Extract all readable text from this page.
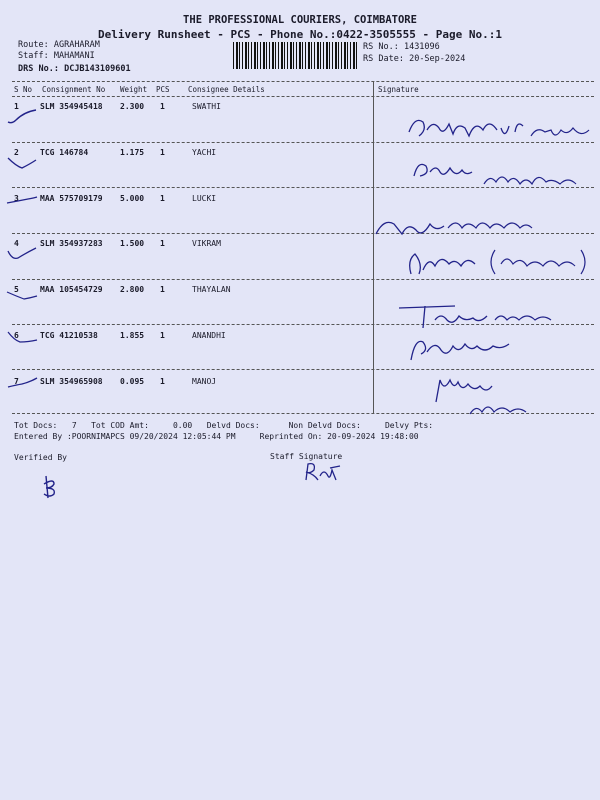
THE PROFESSIONAL COURIERS, COIMBATORE
Delivery Runsheet - PCS - Phone No.:0422-3505555 - Page No.:1
Route: AGRAHARAM
Staff: MAHAMANI
DRS No.: DCJB143109601
RS No.: 1431096
RS Date: 20-Sep-2024
S No Consignment No Weight PCS Consignee Details	Signature
1	SLM 354945418 2.300 1	SWATHI
2	TCG 146784	1.175 1	YACHI
3	MAA 575709179 5.000 1	LUCKI
4	SLM 354937283 1.500 1	VIKRAM
5	MAA 105454729 2.800 1	THAYALAN
6	TCG 41210538	1.855 1	ANANDHI
7	SLM 354965908 0.095 1	MANOJ
Tot Docs: 7 Tot COD Amt:	0.00 Delvd Docs:	Non Delvd Docs:	Delvy Pts:
Entered By :POORNIMAPCS 09/20/2024 12:05:44 PM	Reprinted On: 20-09-2024 19:48:00
Verified By	Staff Signature
